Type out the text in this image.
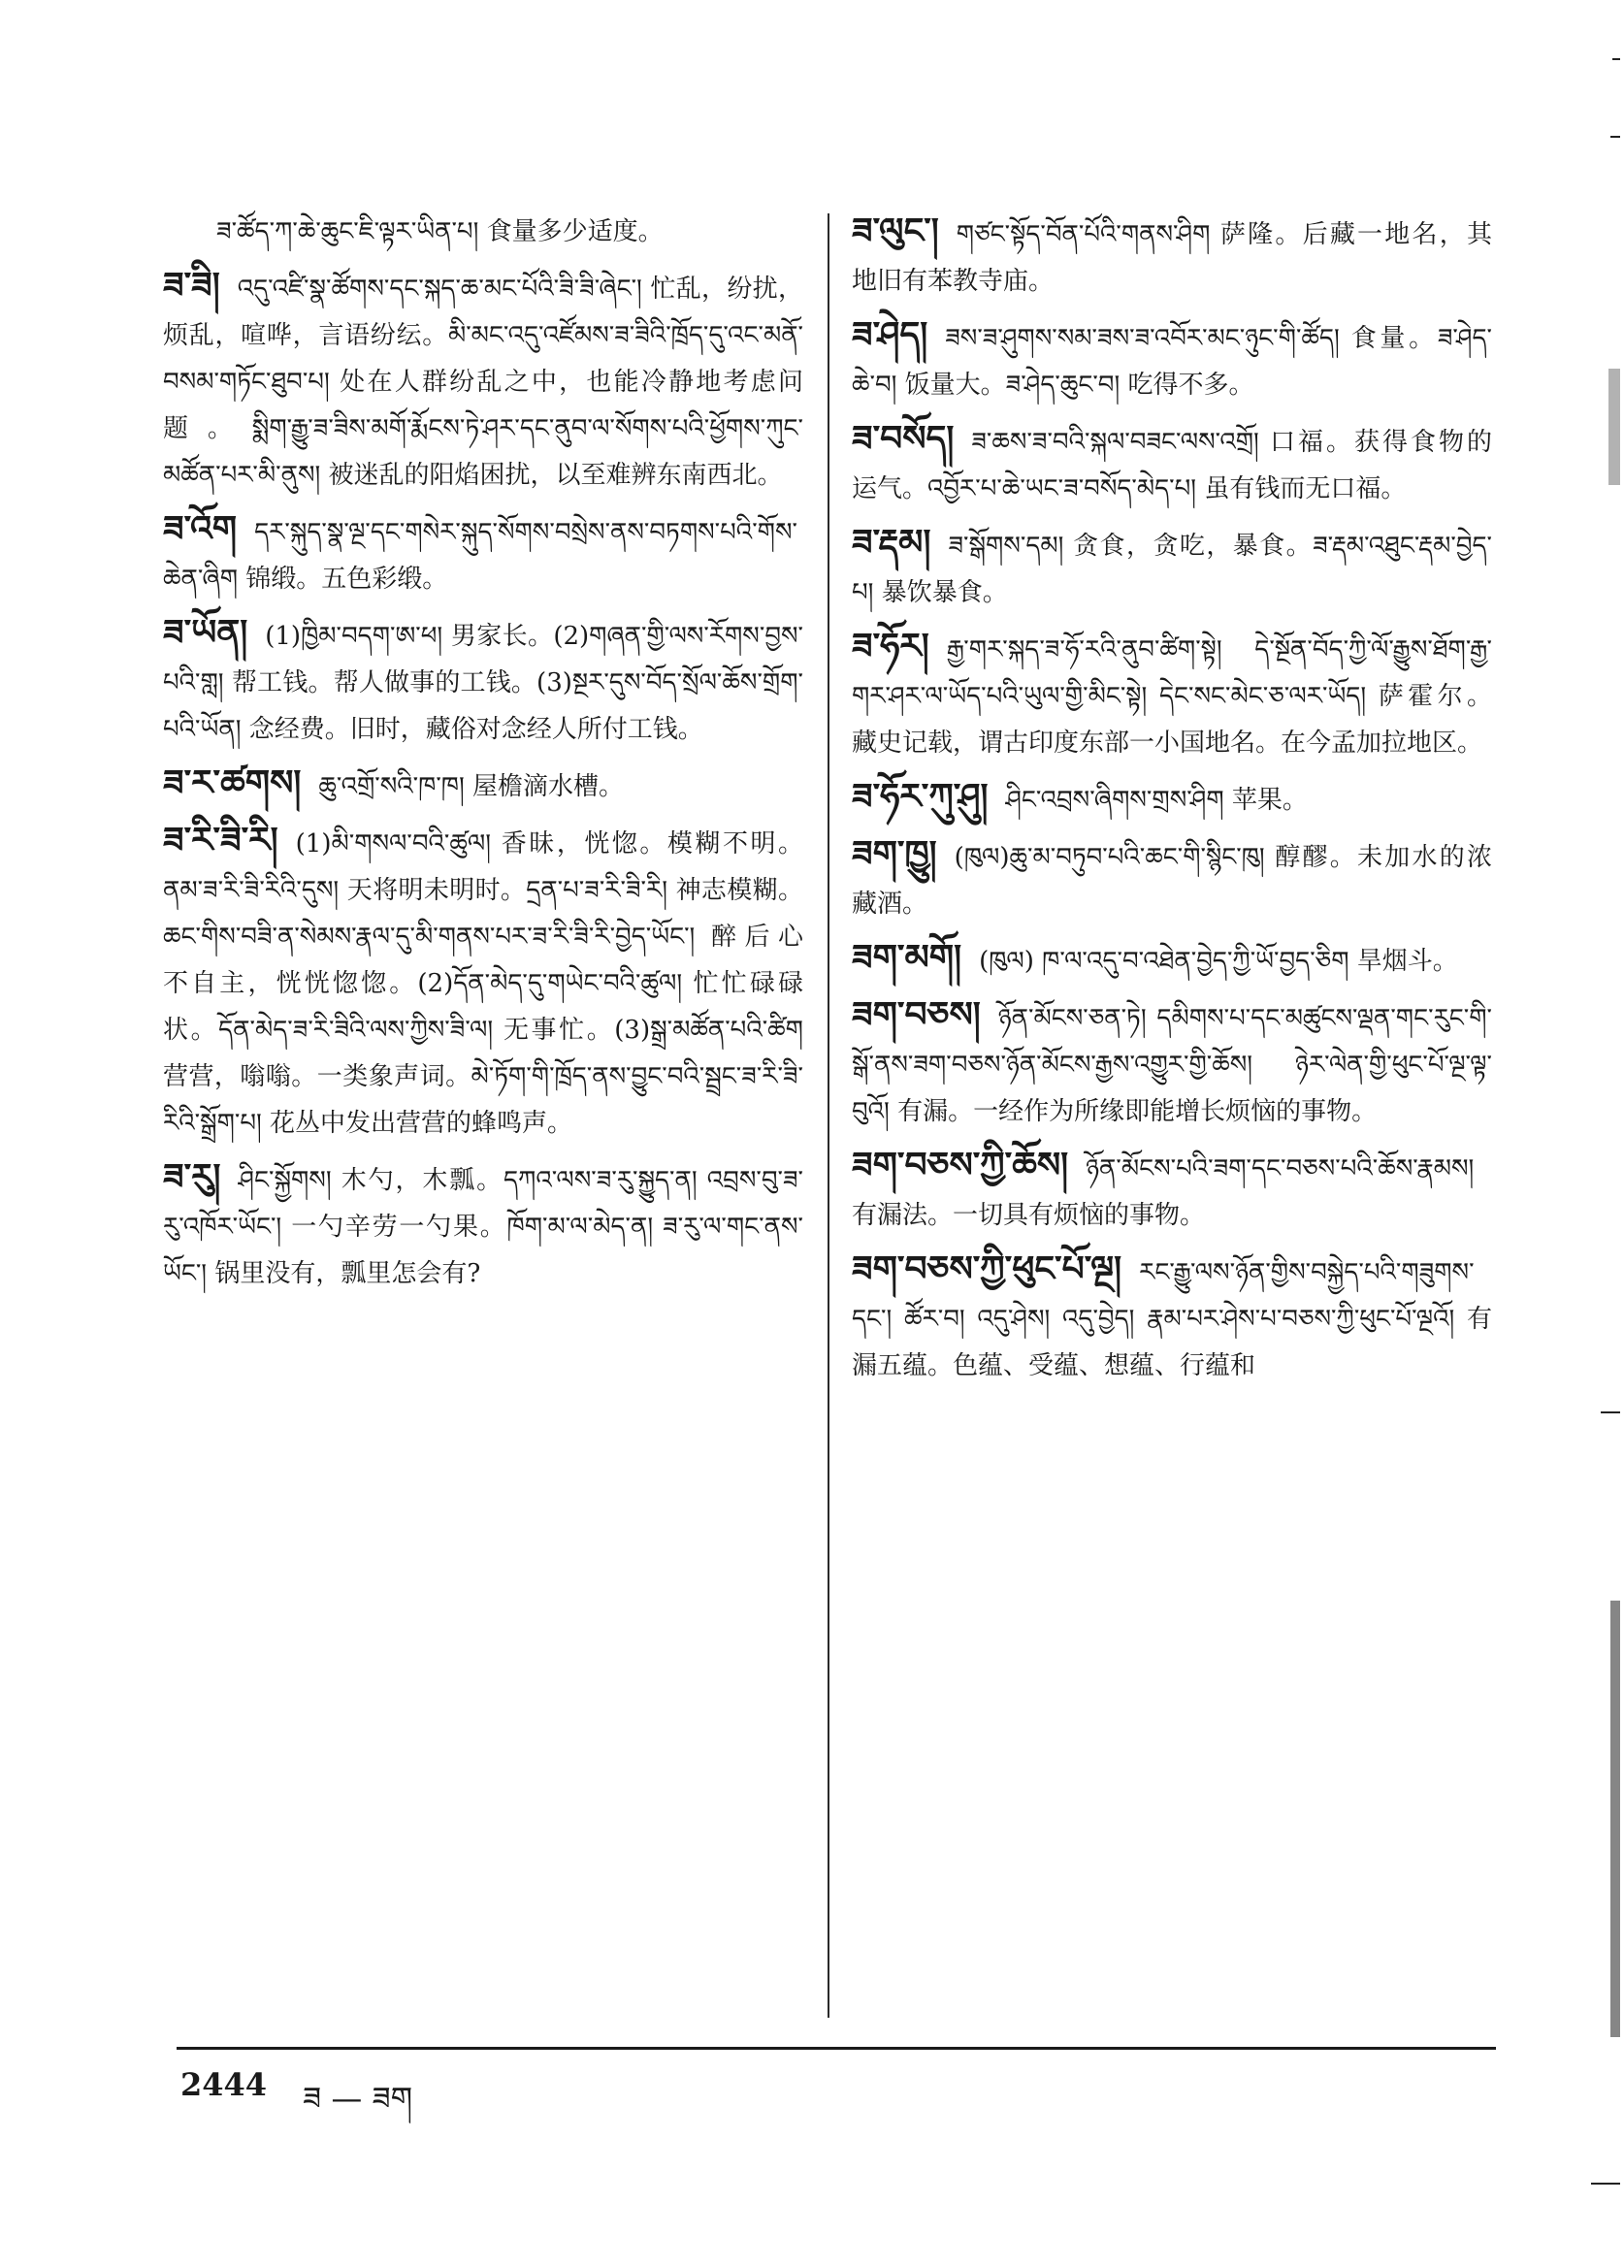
ཟ་ཚོད་ཀ་ཆེ་ཆུང་ཇི་ལྟར་ཡིན་པ། 食量多少适度。
ཟ་ཟི། འདུ་འཛི་སྣ་ཚོགས་དང་སྐད་ཆ་མང་པོའི་ཟི་ཟི་ཞེང་། 忙乱，纷扰，烦乱，喧哗，言语纷纭。མི་མང་འདུ་འཛོམས་ཟ་ཟིའི་ཁྲོད་དུ་འང་མནོ་བསམ་གཏོང་ཐུབ་པ། 处在人群纷乱之中，也能冷静地考虑问题。སྨིག་རྒྱུ་ཟ་ཟིས་མགོ་རྨོངས་ཏེ་ཤར་དང་ནུབ་ལ་སོགས་པའི་ཕྱོགས་ཀུང་མཚོན་པར་མི་ནུས། 被迷乱的阳焰困扰，以至难辨东南西北。
ཟ་འོག དར་སྐུད་སྣ་ལྔ་དང་གསེར་སྐུད་སོགས་བསྲེས་ནས་བཏགས་པའི་གོས་ཆེན་ཞིག 锦缎。五色彩缎。
ཟ་ཡོན། (1)ཁྱིམ་བདག་ཨ་ཕ། 男家长。(2)གཞན་གྱི་ལས་རོགས་བྱས་པའི་གླ། 帮工钱。帮人做事的工钱。(3)སྔར་དུས་བོད་སྲོལ་ཆོས་གྲོག་པའི་ཡོན། 念经费。旧时，藏俗对念经人所付工钱。
ཟ་ར་ཚགས། ཆུ་འགྲོ་སའི་ཁ་ཁ། 屋檐滴水槽。
ཟ་རི་ཟི་རི། (1)མི་གསལ་བའི་ཚུལ། 香昧，恍惚。模糊不明。ནམ་ཟ་རི་ཟི་རིའི་དུས། 天将明未明时。དྲན་པ་ཟ་རི་ཟི་རི། 神志模糊。ཆང་གིས་བཟི་ན་སེམས་རྣལ་དུ་མི་གནས་པར་ཟ་རི་ཟི་རི་བྱེད་ཡོང་། 醉后心不自主，恍恍惚惚。(2)དོན་མེད་དུ་གཡེང་བའི་ཚུལ། 忙忙碌碌状。དོན་མེད་ཟ་རི་ཟིའི་ལས་ཀྱིས་ཟི་ལ། 无事忙。(3)སྒྲ་མཚོན་པའི་ཚིག 营营，嗡嗡。一类象声词。མེ་ཏོག་གི་ཁྲོད་ནས་བྱུང་བའི་སྦྲང་ཟ་རི་ཟི་རིའི་སྒྲོག་པ། 花丛中发出营营的蜂鸣声。
ཟ་རུ། ཤིང་སྐྱོགས། 木勺，木瓢。དཀའ་ལས་ཟ་རུ་སྐྱུད་ན། འབྲས་བུ་ཟ་རུ་འཁོར་ཡོང་། 一勺辛劳一勺果。ཁོག་མ་ལ་མེད་ན། ཟ་རུ་ལ་གང་ནས་ཡོང་། 锅里没有，瓢里怎会有?
ཟ་ལུང་། གཙང་སྟོད་བོན་པོའི་གནས་ཤིག 萨隆。后藏一地名，其地旧有苯教寺庙。
ཟ་ཤེད། ཟས་ཟ་ཤུགས་སམ་ཟས་ཟ་འབོར་མང་ཉུང་གི་ཚོད། 食量。ཟ་ཤེད་ཆེ་བ། 饭量大。ཟ་ཤེད་ཆུང་བ། 吃得不多。
ཟ་བསོད། ཟ་ཆས་ཟ་བའི་སྐལ་བཟང་ལས་འགྲོ། 口福。获得食物的运气。འབྱོར་པ་ཆེ་ཡང་ཟ་བསོད་མེད་པ། 虽有钱而无口福。
ཟ་རྡམ། ཟ་སྒོགས་དམ། 贪食，贪吃，暴食。ཟ་རྡམ་འཐུང་རྡམ་བྱེད་པ། 暴饮暴食。
ཟ་ཧོར། རྒྱ་གར་སྐད་ཟ་ཧོ་རའི་ནུབ་ཚིག་སྟེ། དེ་སྔོན་བོད་ཀྱི་ལོ་རྒྱུས་ཐོག་རྒྱ་གར་ཤར་ལ་ཡོད་པའི་ཡུལ་གྱི་མིང་སྟེ། དེང་སང་མེང་ཅ་ལར་ཡོད། 萨霍尔。藏史记载，谓古印度东部一小国地名。在今孟加拉地区。
ཟ་ཧོར་ཀུ་ཤུ། ཤིང་འབྲས་ཞིགས་གྲས་ཤིག 苹果。
ཟག་ཁྱུ། (ཁུལ)ཆུ་མ་བཏུབ་པའི་ཆང་གི་སྙིང་ཁུ། 醇醪。未加水的浓藏酒。
ཟག་མགོ། (ཁུལ) ཁ་ལ་འདུ་བ་འཐེན་བྱེད་ཀྱི་ཡོ་བྱད་ཅིག 旱烟斗。
ཟག་བཅས། ཉོན་མོངས་ཅན་ཏེ། དམིགས་པ་དང་མཚུངས་ལྡན་གང་རུང་གི་སྒོ་ནས་ཟག་བཅས་ཉོན་མོངས་རྒྱས་འགྱུར་གྱི་ཆོས། ཉེར་ལེན་གྱི་ཕུང་པོ་ལྔ་ལྟ་བུའོ། 有漏。一经作为所缘即能增长烦恼的事物。
ཟག་བཅས་ཀྱི་ཆོས། ཉོན་མོངས་པའི་ཟག་དང་བཅས་པའི་ཆོས་རྣམས། 有漏法。一切具有烦恼的事物。
ཟག་བཅས་ཀྱི་ཕུང་པོ་ལྔ། རང་རྒྱུ་ལས་ཉོན་གྱིས་བསྐྱེད་པའི་གཟུགས་དང་། ཚོར་བ། འདུ་ཤེས། འདུ་བྱེད། རྣམ་པར་ཤེས་པ་བཅས་ཀྱི་ཕུང་པོ་ལྔའོ། 有漏五蕴。色蕴、受蕴、想蕴、行蕴和
2444 ཟ — ཟག
